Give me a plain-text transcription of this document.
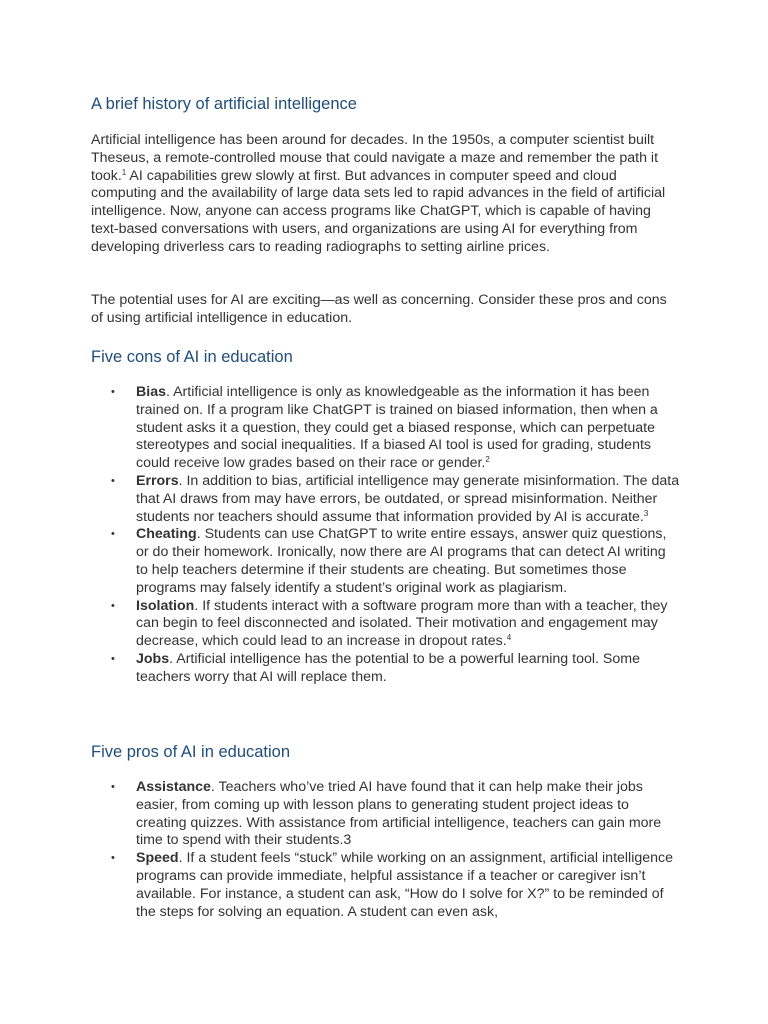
A brief history of artificial intelligence

Artificial intelligence has been around for decades. In the 1950s, a computer scientist built Theseus, a remote-controlled mouse that could navigate a maze and remember the path it took.$^1$ AI capabilities grew slowly at first. But advances in computer speed and cloud computing and the availability of large data sets led to rapid advances in the field of artificial intelligence. Now, anyone can access programs like ChatGPT, which is capable of having text-based conversations with users, and organizations are using AI for everything from developing driverless cars to reading radiographs to setting airline prices.

The potential uses for AI are exciting—as well as concerning. Consider these pros and cons of using artificial intelligence in education.

Five cons of AI in education
• Bias. Artificial intelligence is only as knowledgeable as the information it has been trained on. If a program like ChatGPT is trained on biased information, then when a student asks it a question, they could get a biased response, which can perpetuate stereotypes and social inequalities. If a biased AI tool is used for grading, students could receive low grades based on their race or gender.$^2$
• Errors. In addition to bias, artificial intelligence may generate misinformation. The data that AI draws from may have errors, be outdated, or spread misinformation. Neither students nor teachers should assume that information provided by AI is accurate.$^3$
• Cheating. Students can use ChatGPT to write entire essays, answer quiz questions, or do their homework. Ironically, now there are AI programs that can detect AI writing to help teachers determine if their students are cheating. But sometimes those programs may falsely identify a student’s original work as plagiarism.
• Isolation. If students interact with a software program more than with a teacher, they can begin to feel disconnected and isolated. Their motivation and engagement may decrease, which could lead to an increase in dropout rates.$^4$
• Jobs. Artificial intelligence has the potential to be a powerful learning tool. Some teachers worry that AI will replace them.
Five pros of AI in education
• Assistance. Teachers who’ve tried AI have found that it can help make their jobs easier, from coming up with lesson plans to generating student project ideas to creating quizzes. With assistance from artificial intelligence, teachers can gain more time to spend with their students.3
• Speed. If a student feels “stuck” while working on an assignment, artificial intelligence programs can provide immediate, helpful assistance if a teacher or caregiver isn’t available. For instance, a student can ask, “How do I solve for X?” to be reminded of the steps for solving an equation. A student can even ask,
